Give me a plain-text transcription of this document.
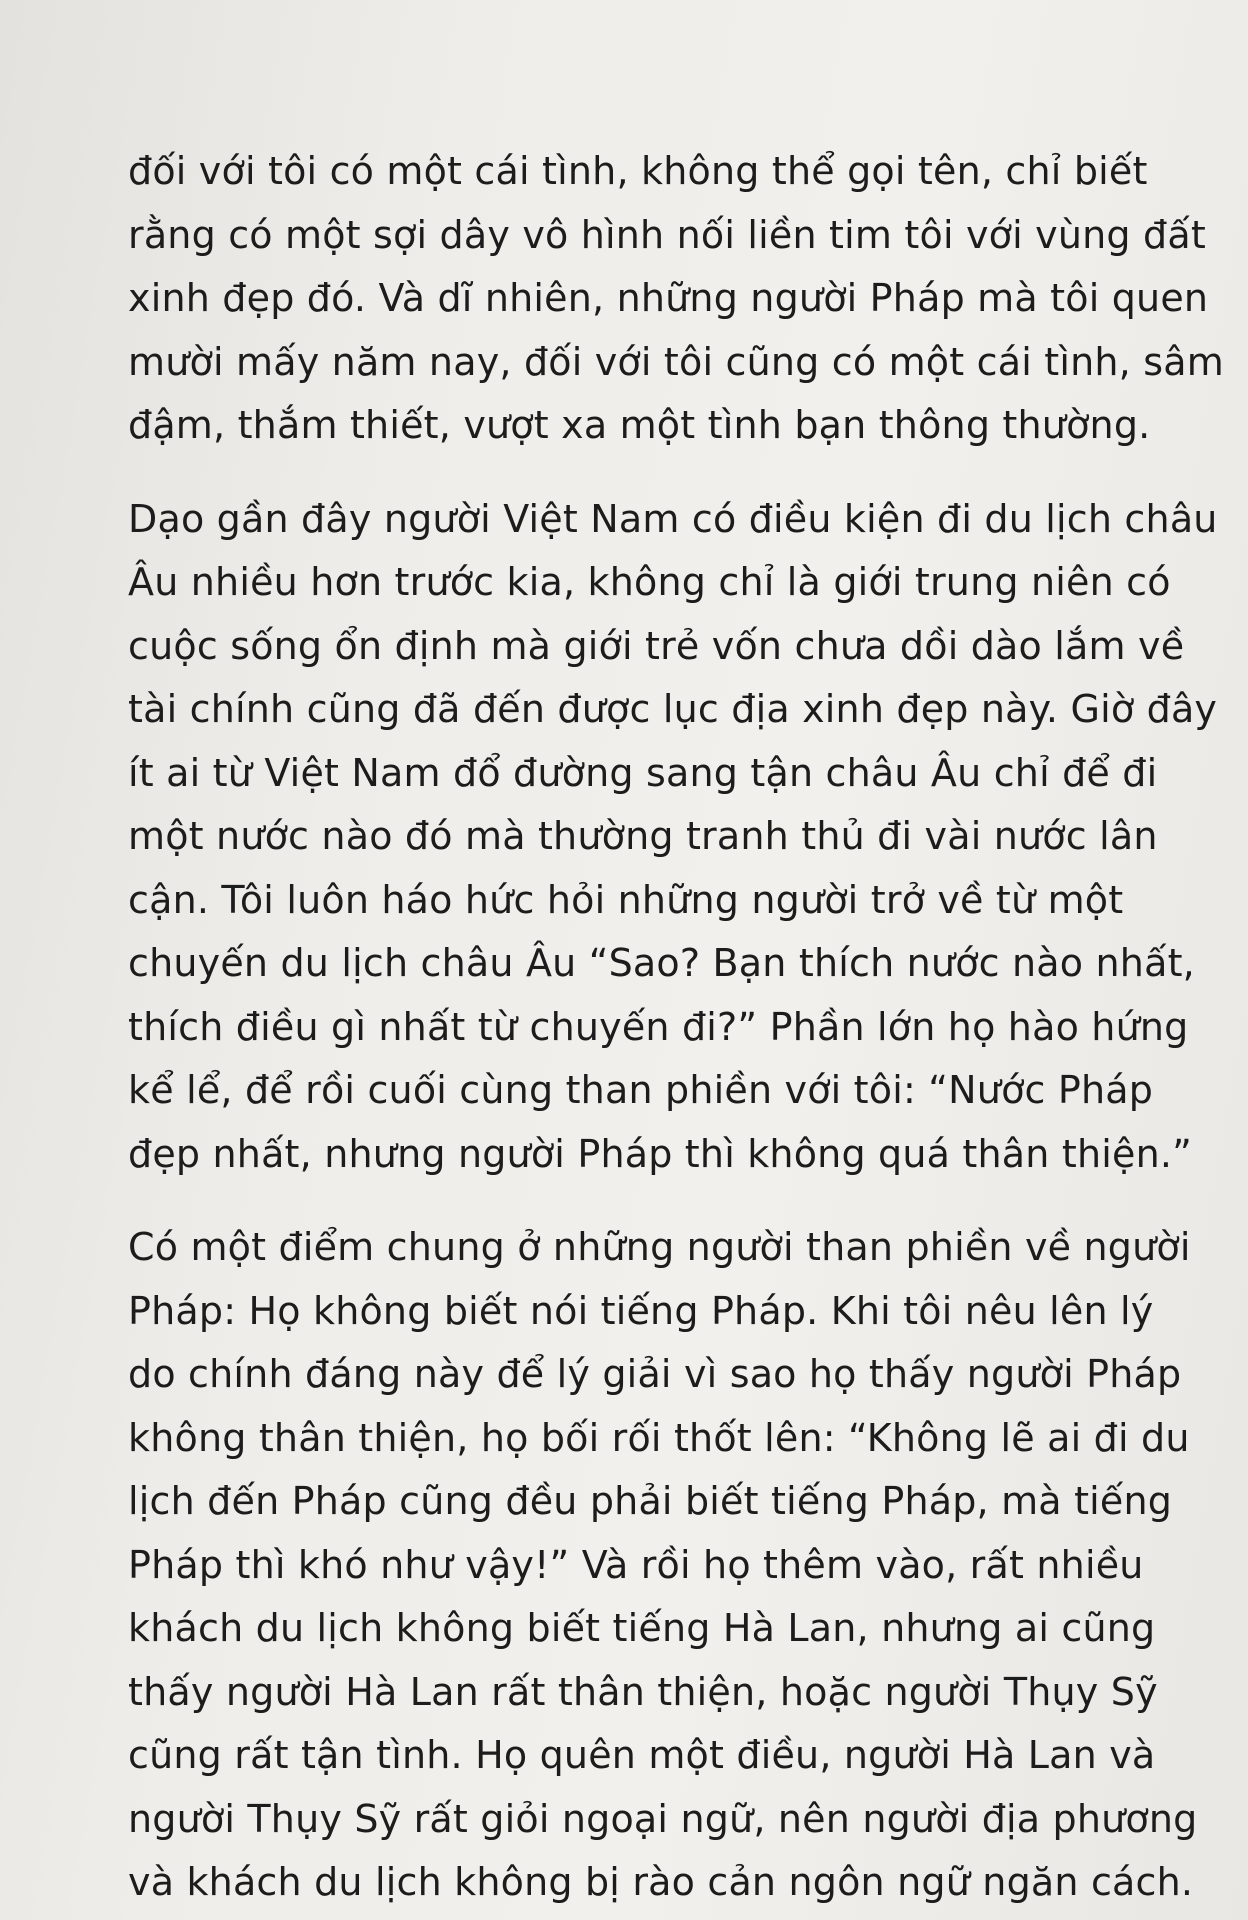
đối với tôi có một cái tình, không thể gọi tên, chỉ biết
rằng có một sợi dây vô hình nối liền tim tôi với vùng đất
xinh đẹp đó. Và dĩ nhiên, những người Pháp mà tôi quen
mười mấy năm nay, đối với tôi cũng có một cái tình, sâm
đậm, thắm thiết, vượt xa một tình bạn thông thường.

Dạo gần đây người Việt Nam có điều kiện đi du lịch châu
Âu nhiều hơn trước kia, không chỉ là giới trung niên có
cuộc sống ổn định mà giới trẻ vốn chưa dồi dào lắm về
tài chính cũng đã đến được lục địa xinh đẹp này. Giờ đây
ít ai từ Việt Nam đổ đường sang tận châu Âu chỉ để đi
một nước nào đó mà thường tranh thủ đi vài nước lân
cận. Tôi luôn háo hức hỏi những người trở về từ một
chuyến du lịch châu Âu “Sao? Bạn thích nước nào nhất,
thích điều gì nhất từ chuyến đi?” Phần lớn họ hào hứng
kể lể, để rồi cuối cùng than phiền với tôi: “Nước Pháp
đẹp nhất, nhưng người Pháp thì không quá thân thiện.”

Có một điểm chung ở những người than phiền về người
Pháp: Họ không biết nói tiếng Pháp. Khi tôi nêu lên lý
do chính đáng này để lý giải vì sao họ thấy người Pháp
không thân thiện, họ bối rối thốt lên: “Không lẽ ai đi du
lịch đến Pháp cũng đều phải biết tiếng Pháp, mà tiếng
Pháp thì khó như vậy!” Và rồi họ thêm vào, rất nhiều
khách du lịch không biết tiếng Hà Lan, nhưng ai cũng
thấy người Hà Lan rất thân thiện, hoặc người Thụy Sỹ
cũng rất tận tình. Họ quên một điều, người Hà Lan và
người Thụy Sỹ rất giỏi ngoại ngữ, nên người địa phương
và khách du lịch không bị rào cản ngôn ngữ ngăn cách.
